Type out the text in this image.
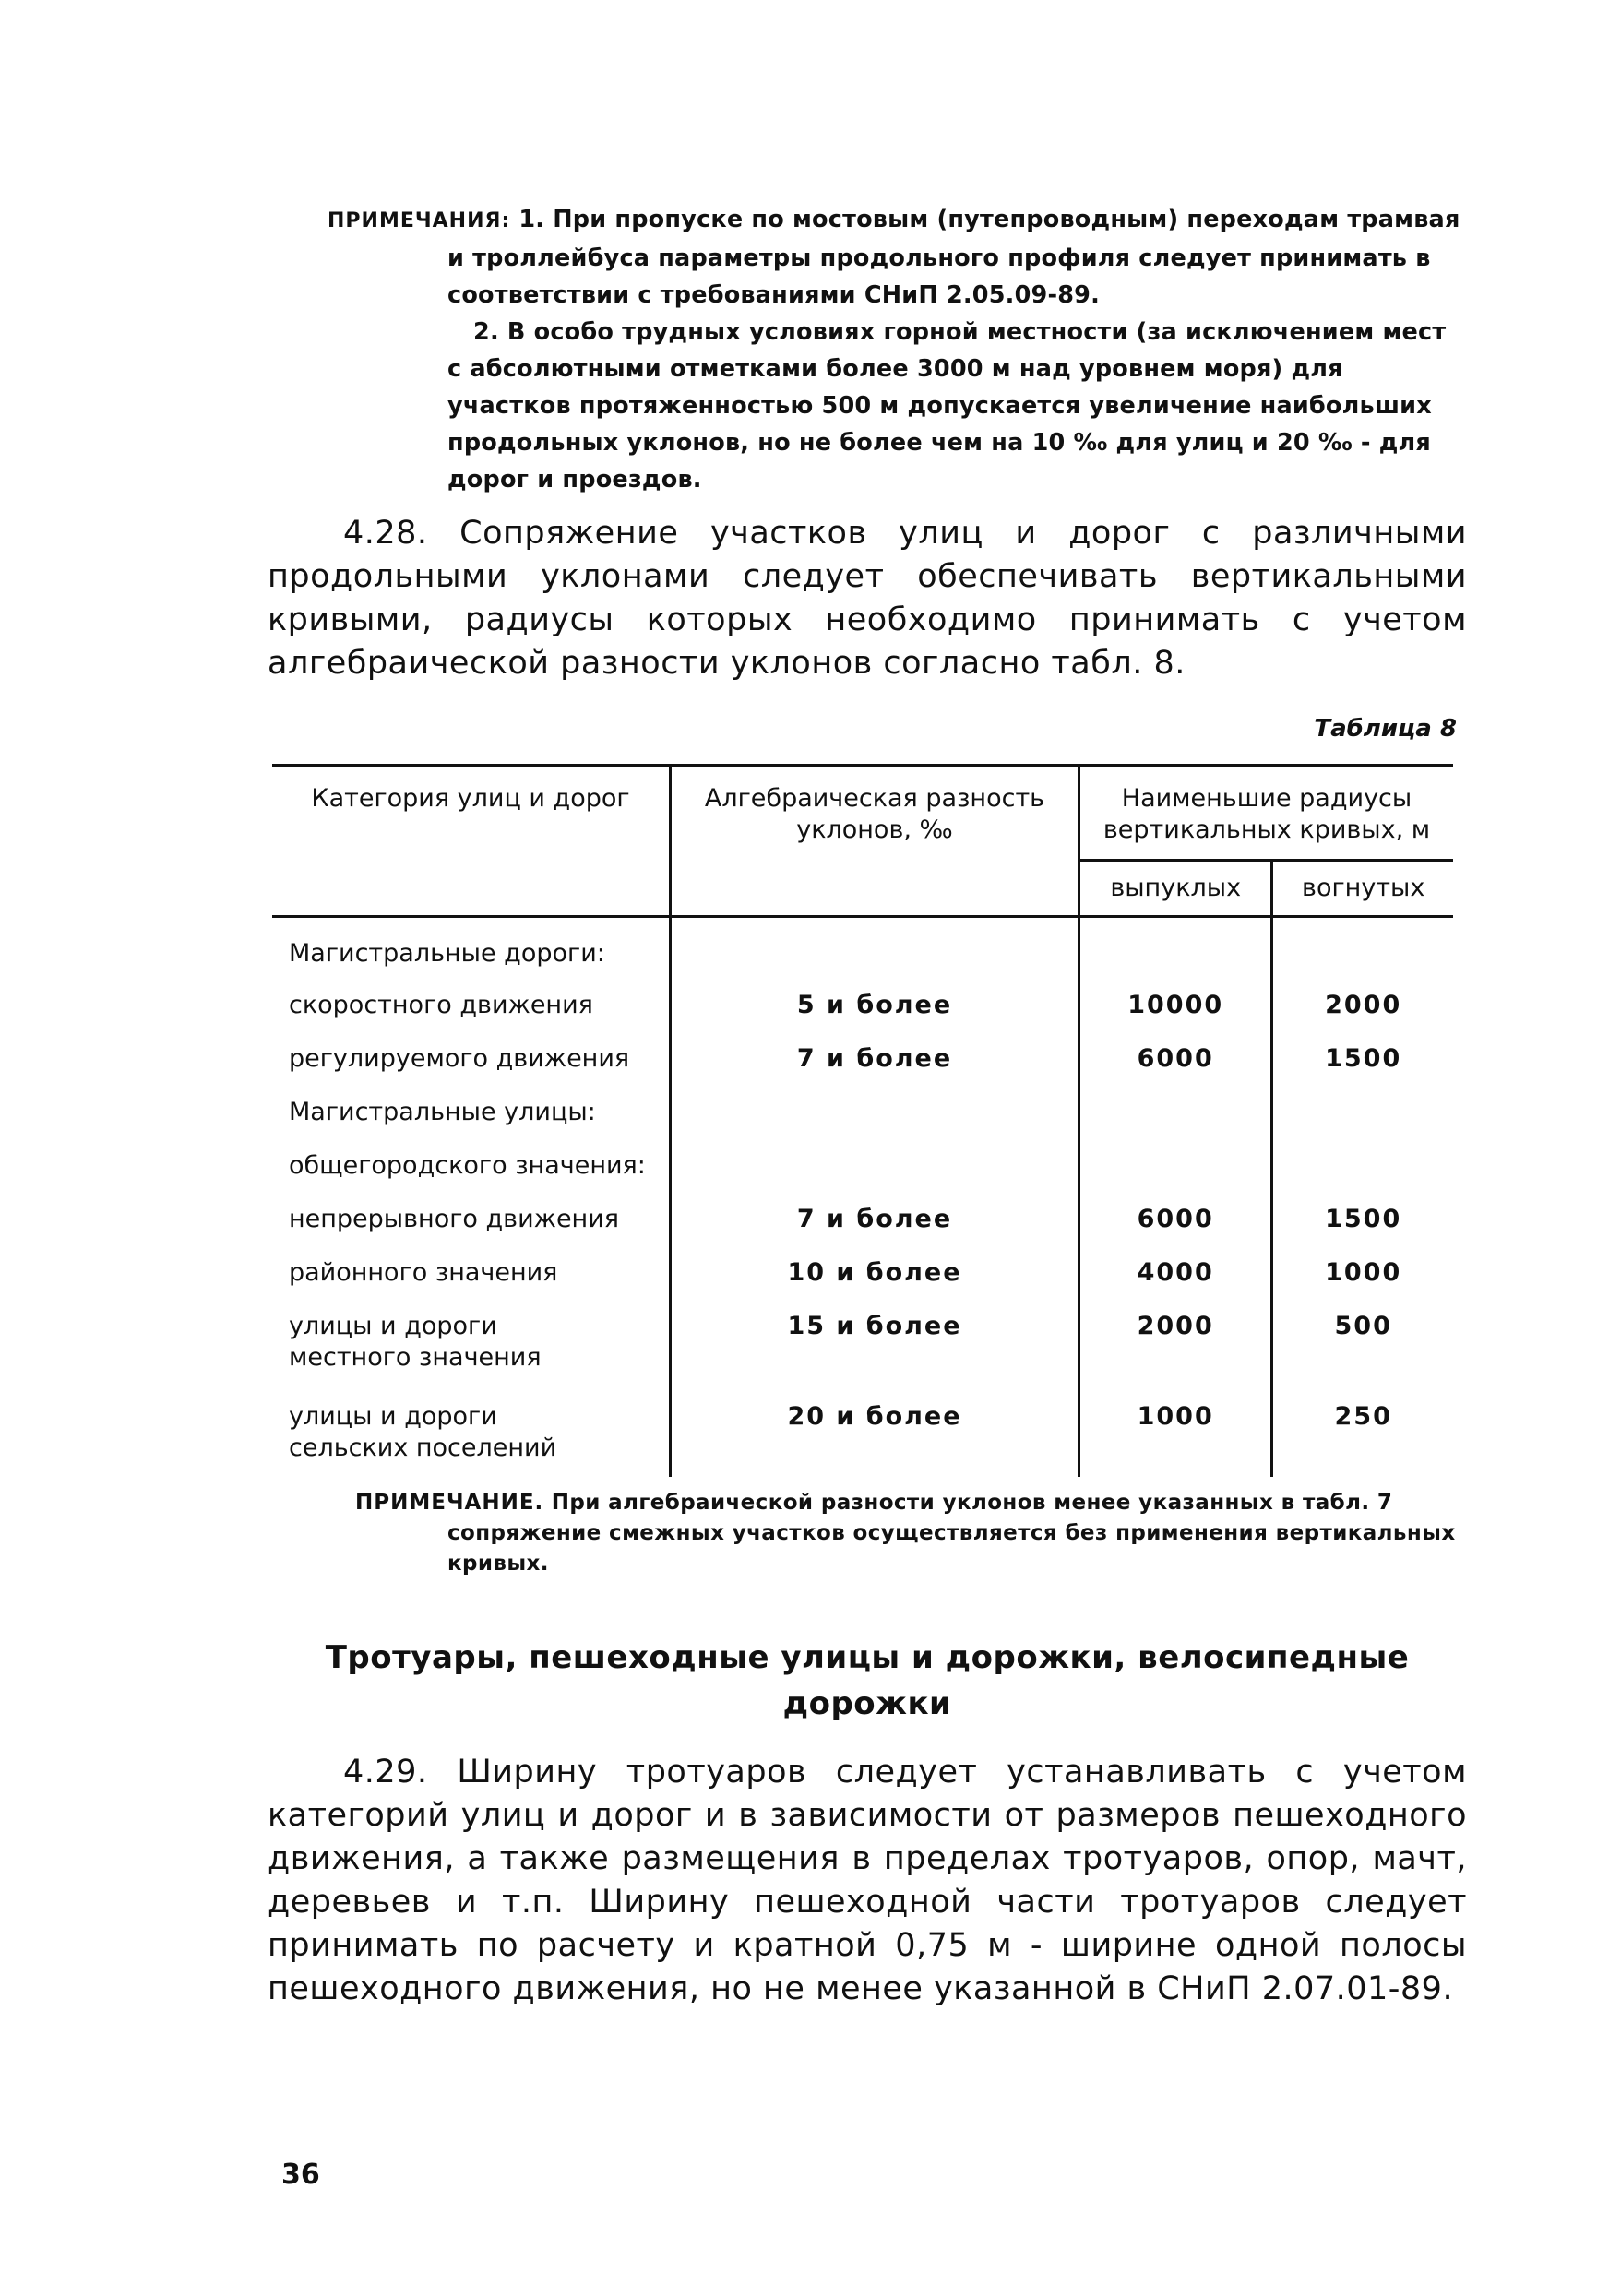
ПРИМЕЧАНИЯ: 1. При пропуске по мостовым (путепроводным) переходам трамвая и троллейбуса параметры продольного профиля следует принимать в соответствии с требованиями СНиП 2.05.09-89.

2. В особо трудных условиях горной местности (за исключением мест с абсолютными отметками более 3000 м над уровнем моря) для участков протяженностью 500 м допускается увеличение наибольших продольных уклонов, но не более чем на 10 ‰ для улиц и 20 ‰ - для дорог и проездов.

4.28. Сопряжение участков улиц и дорог с различными продольными уклонами следует обеспечивать вертикальными кривыми, радиусы которых необходимо принимать с учетом алгебраической разности уклонов согласно табл. 8.

Таблица 8
Категория улиц и дорог	Алгебраическая разность уклонов, ‰	Наименьшие радиусы вертикальных кривых, м	
		выпуклых	вогнутых
Магистральные дороги:			
скоростного движения	5 и более	10000	2000
регулируемого движения	7 и более	6000	1500
Магистральные улицы:			
общегородского значения:			
непрерывного движения	7 и более	6000	1500
районного значения	10 и более	4000	1000
улицы и дороги местного значения	15 и более	2000	500
улицы и дороги сельских поселений	20 и более	1000	250

ПРИМЕЧАНИЕ. При алгебраической разности уклонов менее указанных в табл. 7 сопряжение смежных участков осуществляется без применения вертикальных кривых.

Тротуары, пешеходные улицы и дорожки, велосипедные дорожки

4.29. Ширину тротуаров следует устанавливать с учетом категорий улиц и дорог и в зависимости от размеров пешеходного движения, а также размещения в пределах тротуаров, опор, мачт, деревьев и т.п. Ширину пешеходной части тротуаров следует принимать по расчету и кратной 0,75 м - ширине одной полосы пешеходного движения, но не менее указанной в СНиП 2.07.01-89.

36
